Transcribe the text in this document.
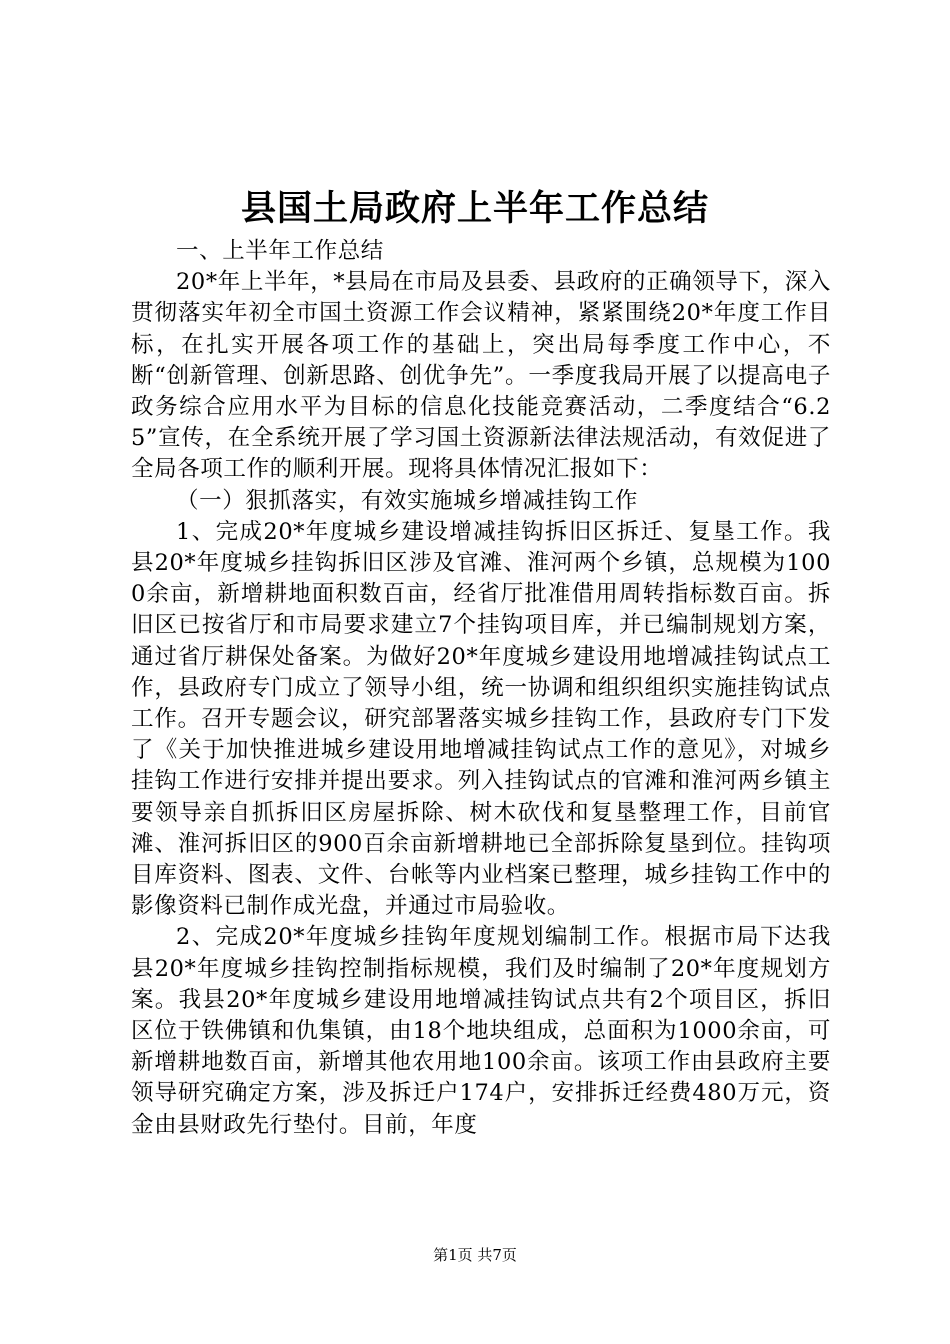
县国土局政府上半年工作总结

一、上半年工作总结

20*年上半年，*县局在市局及县委、县政府的正确领导下，深入贯彻落实年初全市国土资源工作会议精神，紧紧围绕20*年度工作目标，在扎实开展各项工作的基础上，突出局每季度工作中心，不断“创新管理、创新思路、创优争先”。一季度我局开展了以提高电子政务综合应用水平为目标的信息化技能竞赛活动，二季度结合“6.25”宣传，在全系统开展了学习国土资源新法律法规活动，有效促进了全局各项工作的顺利开展。现将具体情况汇报如下：

（一）狠抓落实，有效实施城乡增减挂钩工作

1、完成20*年度城乡建设增减挂钩拆旧区拆迁、复垦工作。我县20*年度城乡挂钩拆旧区涉及官滩、淮河两个乡镇，总规模为1000余亩，新增耕地面积数百亩，经省厅批准借用周转指标数百亩。拆旧区已按省厅和市局要求建立7个挂钩项目库，并已编制规划方案，通过省厅耕保处备案。为做好20*年度城乡建设用地增减挂钩试点工作，县政府专门成立了领导小组，统一协调和组织组织实施挂钩试点工作。召开专题会议，研究部署落实城乡挂钩工作，县政府专门下发了《关于加快推进城乡建设用地增减挂钩试点工作的意见》，对城乡挂钩工作进行安排并提出要求。列入挂钩试点的官滩和淮河两乡镇主要领导亲自抓拆旧区房屋拆除、树木砍伐和复垦整理工作，目前官滩、淮河拆旧区的900百余亩新增耕地已全部拆除复垦到位。挂钩项目库资料、图表、文件、台帐等内业档案已整理，城乡挂钩工作中的影像资料已制作成光盘，并通过市局验收。

2、完成20*年度城乡挂钩年度规划编制工作。根据市局下达我县20*年度城乡挂钩控制指标规模，我们及时编制了20*年度规划方案。我县20*年度城乡建设用地增减挂钩试点共有2个项目区，拆旧区位于铁佛镇和仇集镇，由18个地块组成，总面积为1000余亩，可新增耕地数百亩，新增其他农用地100余亩。该项工作由县政府主要领导研究确定方案，涉及拆迁户174户，安排拆迁经费480万元，资金由县财政先行垫付。目前，年度

第1页 共7页
